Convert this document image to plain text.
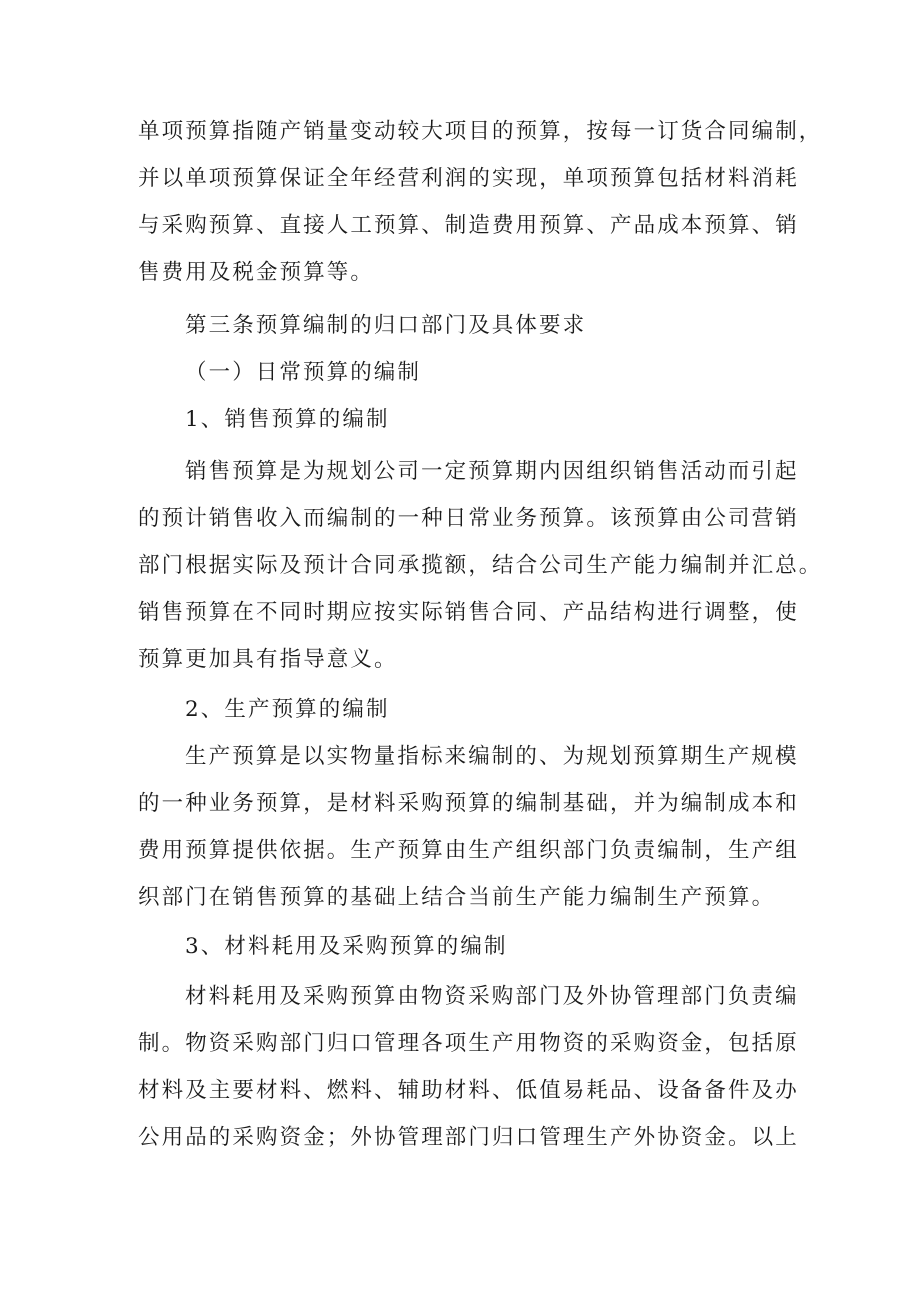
单项预算指随产销量变动较大项目的预算，按每一订货合同编制，

并以单项预算保证全年经营利润的实现，单项预算包括材料消耗

与采购预算、直接人工预算、制造费用预算、产品成本预算、销

售费用及税金预算等。

第三条预算编制的归口部门及具体要求

（一）日常预算的编制

1、销售预算的编制

销售预算是为规划公司一定预算期内因组织销售活动而引起

的预计销售收入而编制的一种日常业务预算。该预算由公司营销

部门根据实际及预计合同承揽额，结合公司生产能力编制并汇总。

销售预算在不同时期应按实际销售合同、产品结构进行调整，使

预算更加具有指导意义。

2、生产预算的编制

生产预算是以实物量指标来编制的、为规划预算期生产规模

的一种业务预算，是材料采购预算的编制基础，并为编制成本和

费用预算提供依据。生产预算由生产组织部门负责编制，生产组

织部门在销售预算的基础上结合当前生产能力编制生产预算。

3、材料耗用及采购预算的编制

材料耗用及采购预算由物资采购部门及外协管理部门负责编

制。物资采购部门归口管理各项生产用物资的采购资金，包括原

材料及主要材料、燃料、辅助材料、低值易耗品、设备备件及办

公用品的采购资金；外协管理部门归口管理生产外协资金。以上
